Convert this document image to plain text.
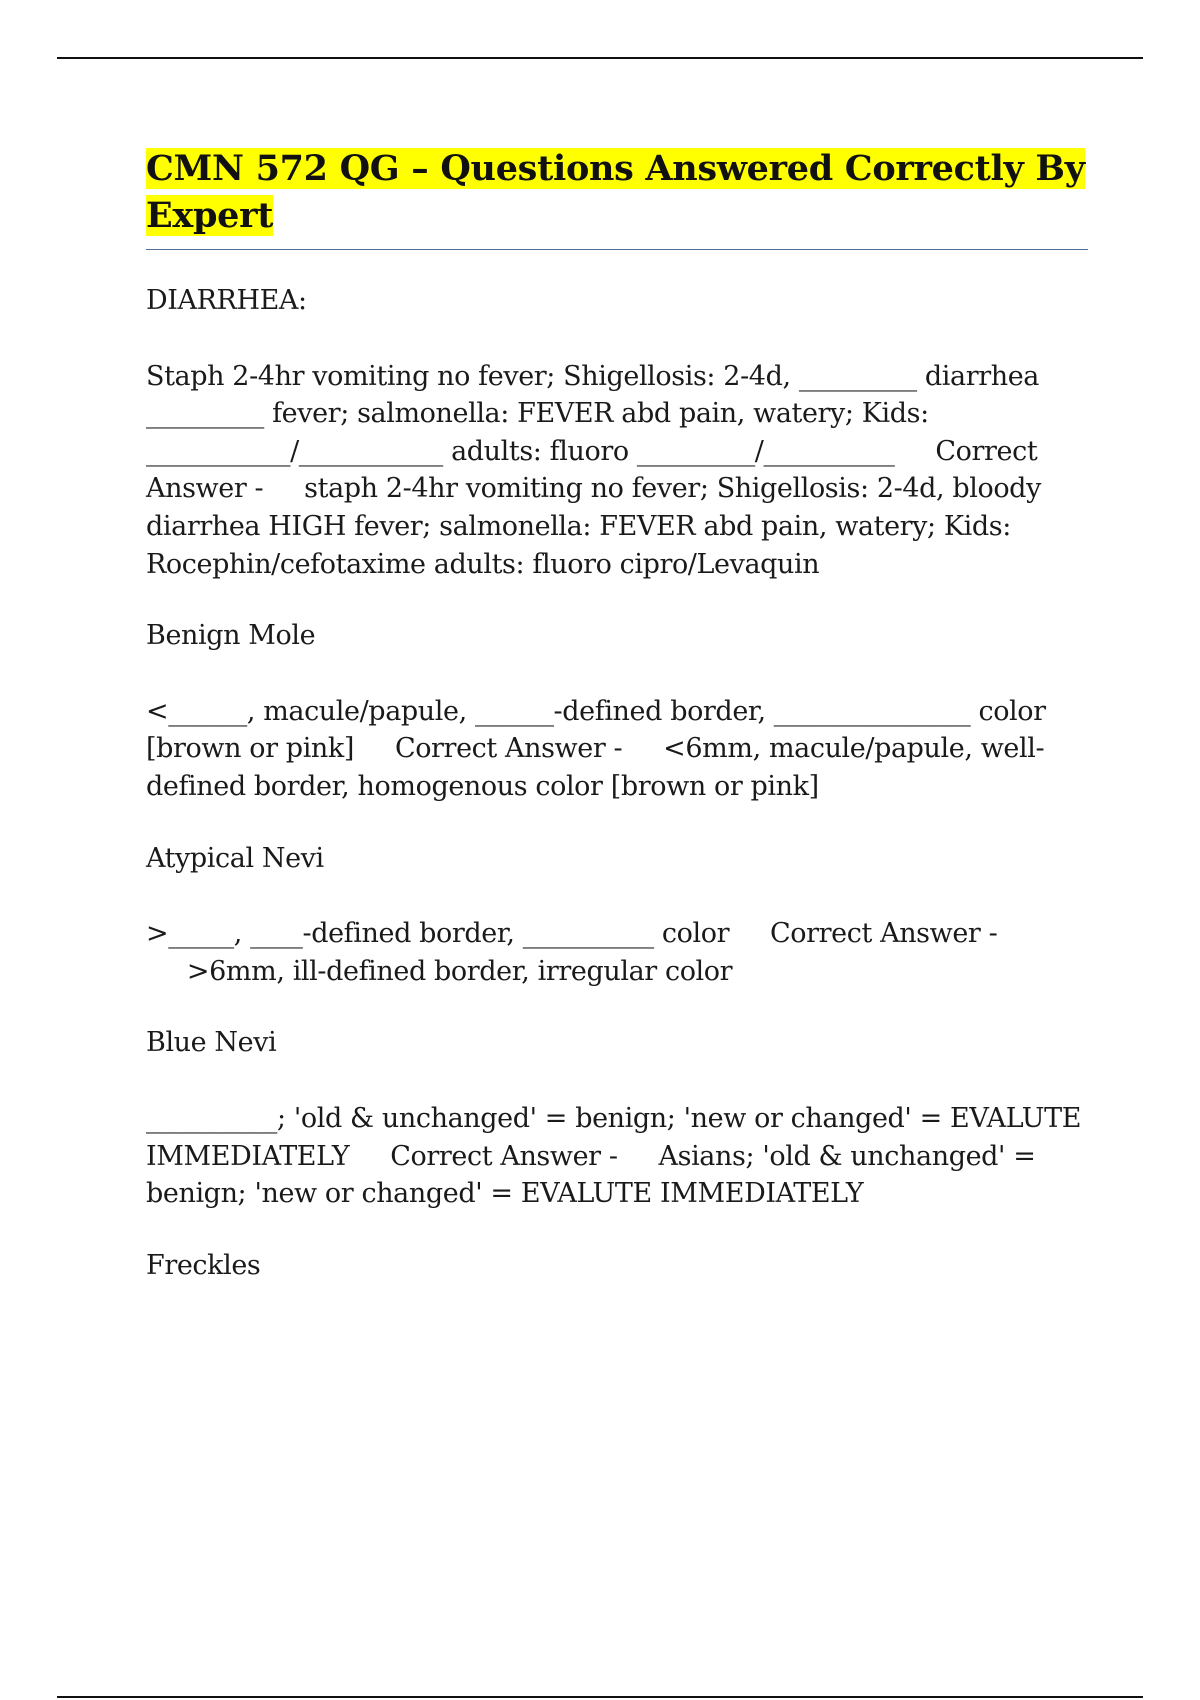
CMN 572 QG – Questions Answered Correctly By Expert

DIARRHEA:

Staph 2-4hr vomiting no fever; Shigellosis: 2-4d, _________ diarrhea _________ fever; salmonella: FEVER abd pain, watery; Kids: ___________/___________ adults: fluoro _________/__________ Correct Answer - staph 2-4hr vomiting no fever; Shigellosis: 2-4d, bloody diarrhea HIGH fever; salmonella: FEVER abd pain, watery; Kids: Rocephin/cefotaxime adults: fluoro cipro/Levaquin

Benign Mole

<______, macule/papule, ______-defined border, _______________ color [brown or pink] Correct Answer - <6mm, macule/papule, well-defined border, homogenous color [brown or pink]

Atypical Nevi

>_____, ____-defined border, __________ color Correct Answer -     >6mm, ill-defined border, irregular color

Blue Nevi

__________; 'old & unchanged' = benign; 'new or changed' = EVALUTE IMMEDIATELY Correct Answer - Asians; 'old & unchanged' = benign; 'new or changed' = EVALUTE IMMEDIATELY

Freckles
